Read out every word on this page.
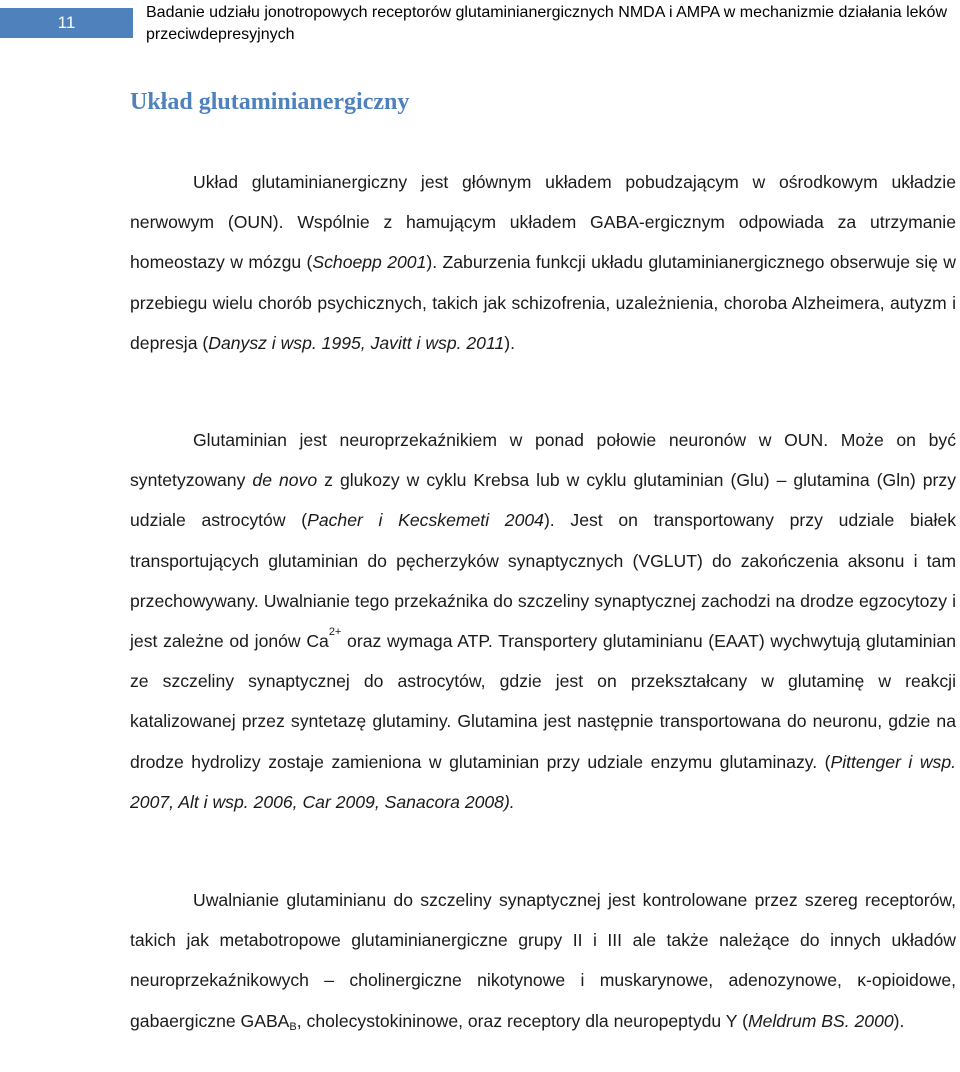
11
Badanie udziału jonotropowych receptorów glutaminianergicznych NMDA i AMPA w mechanizmie działania leków przeciwdepresyjnych
Układ glutaminianergiczny

Układ glutaminianergiczny jest głównym układem pobudzającym w ośrodkowym układzie nerwowym (OUN). Wspólnie z hamującym układem GABA-ergicznym odpowiada za utrzymanie homeostazy w mózgu (Schoepp 2001). Zaburzenia funkcji układu glutaminianergicznego obserwuje się w przebiegu wielu chorób psychicznych, takich jak schizofrenia, uzależnienia, choroba Alzheimera, autyzm i depresja (Danysz i wsp. 1995, Javitt i wsp. 2011).

Glutaminian jest neuroprzekaźnikiem w ponad połowie neuronów w OUN. Może on być syntetyzowany de novo z glukozy w cyklu Krebsa lub w cyklu glutaminian (Glu) – glutamina (Gln) przy udziale astrocytów (Pacher i Kecskemeti 2004). Jest on transportowany przy udziale białek transportujących glutaminian do pęcherzyków synaptycznych (VGLUT) do zakończenia aksonu i tam przechowywany. Uwalnianie tego przekaźnika do szczeliny synaptycznej zachodzi na drodze egzocytozy i jest zależne od jonów $Ca^{2+}$ oraz wymaga ATP. Transportery glutaminianu (EAAT) wychwytują glutaminian ze szczeliny synaptycznej do astrocytów, gdzie jest on przekształcany w glutaminę w reakcji katalizowanej przez syntetazę glutaminy. Glutamina jest następnie transportowana do neuronu, gdzie na drodze hydrolizy zostaje zamieniona w glutaminian przy udziale enzymu glutaminazy. (Pittenger i wsp. 2007, Alt i wsp. 2006, Car 2009, Sanacora 2008).

Uwalnianie glutaminianu do szczeliny synaptycznej jest kontrolowane przez szereg receptorów, takich jak metabotropowe glutaminianergiczne grupy II i III ale także należące do innych układów neuroprzekaźnikowych – cholinergiczne nikotynowe i muskarynowe, adenozynowe, κ-opioidowe, gabaergiczne $GABA_B$, cholecystokininowe, oraz receptory dla neuropeptydu Y (Meldrum BS. 2000).
